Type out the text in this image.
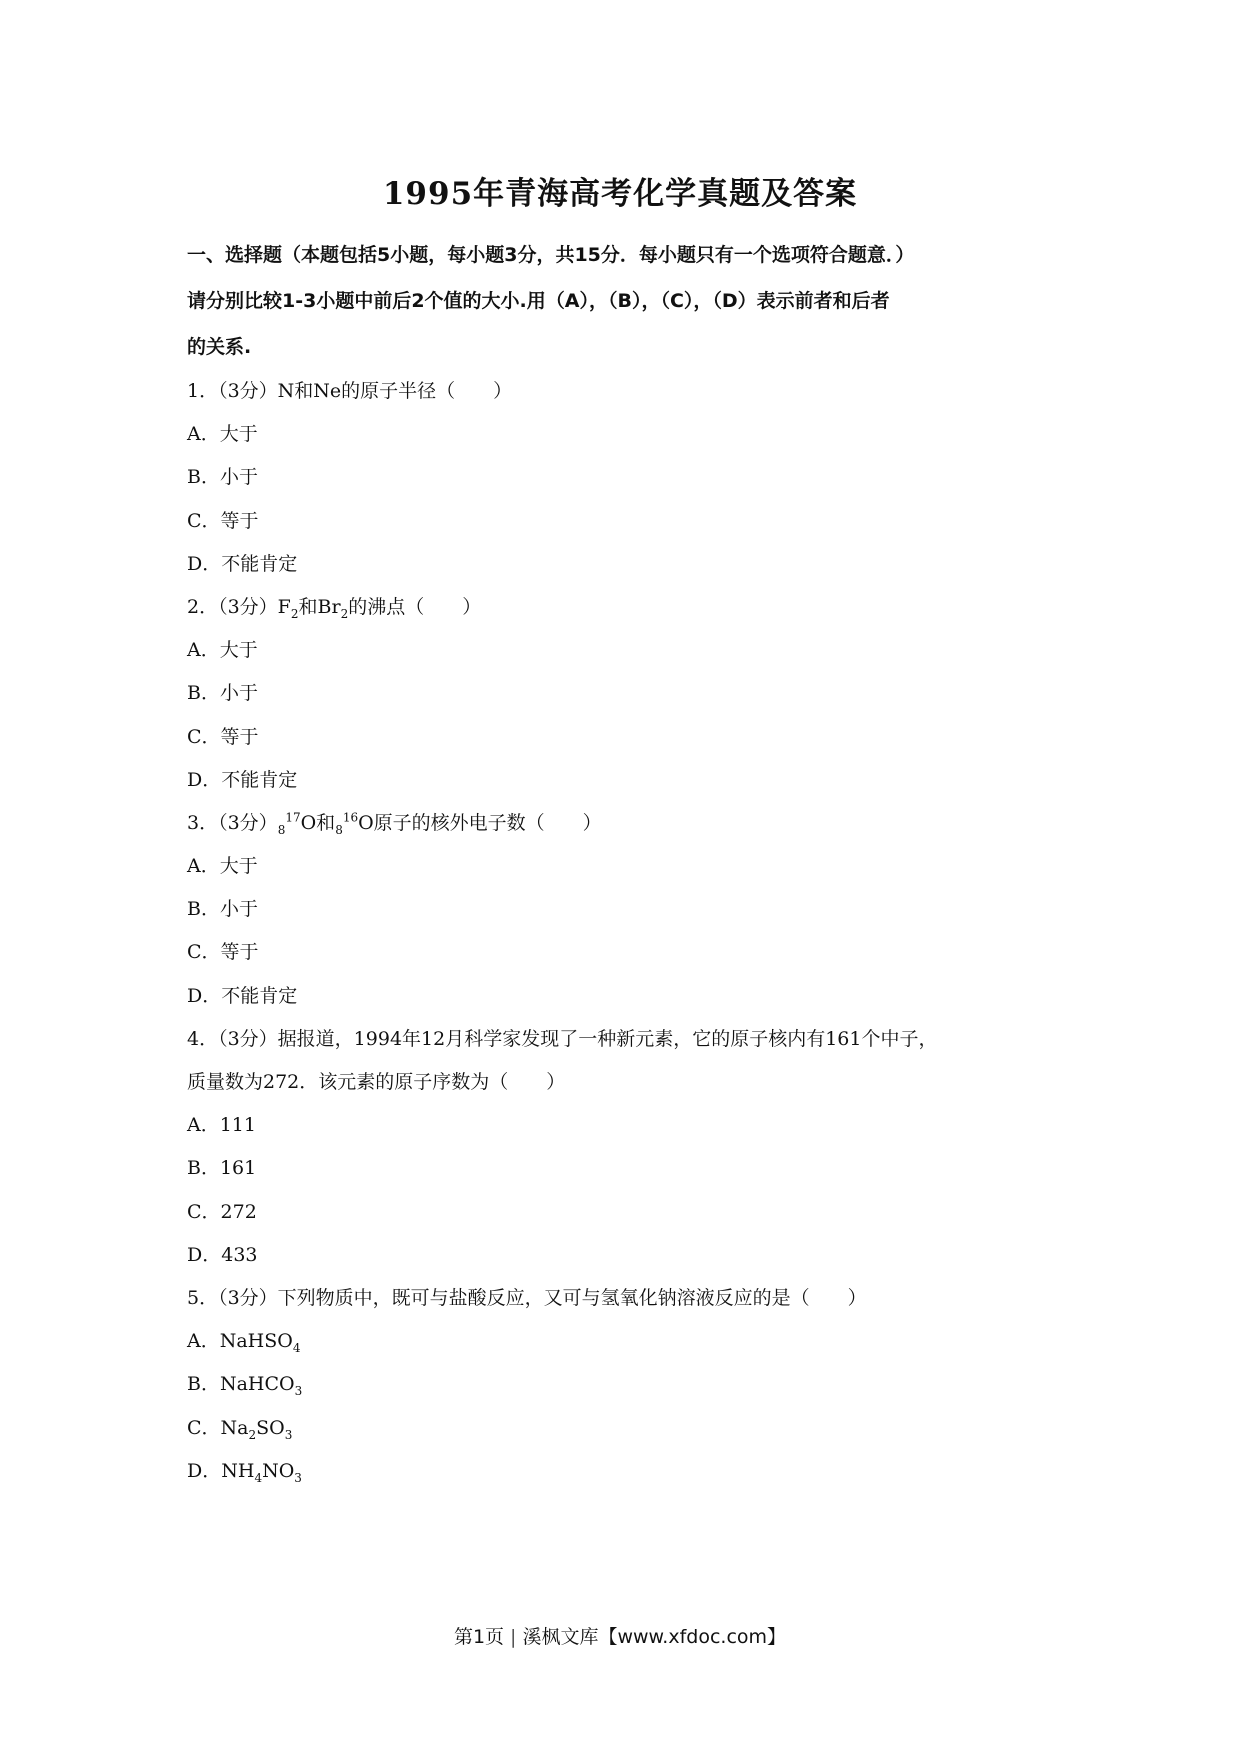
1995年青海高考化学真题及答案
一、选择题（本题包括5小题，每小题3分，共15分．每小题只有一个选项符合题意．）
请分别比较1-3小题中前后2个值的大小.用（A），（B），（C），（D）表示前者和后者
的关系.
1．（3分）N和Ne的原子半径（　　）
A．大于
B．小于
C．等于
D．不能肯定
2．（3分）$F_2$和$Br_2$的沸点（　　）
A．大于
B．小于
C．等于
D．不能肯定
3．（3分）$_8^{17}O$和$_8^{16}$O原子的核外电子数（　　）
A．大于
B．小于
C．等于
D．不能肯定
4．（3分）据报道，1994年12月科学家发现了一种新元素，它的原子核内有161个中子，
质量数为272．该元素的原子序数为（　　）
A．111
B．161
C．272
D．433
5．（3分）下列物质中，既可与盐酸反应，又可与氢氧化钠溶液反应的是（　　）
A．NaHSO$_4$
B．NaHCO$_3$
C．$Na_2SO_3$
D．$NH_4NO_3$
第1页 | 溪枫文库【www.xfdoc.com】
